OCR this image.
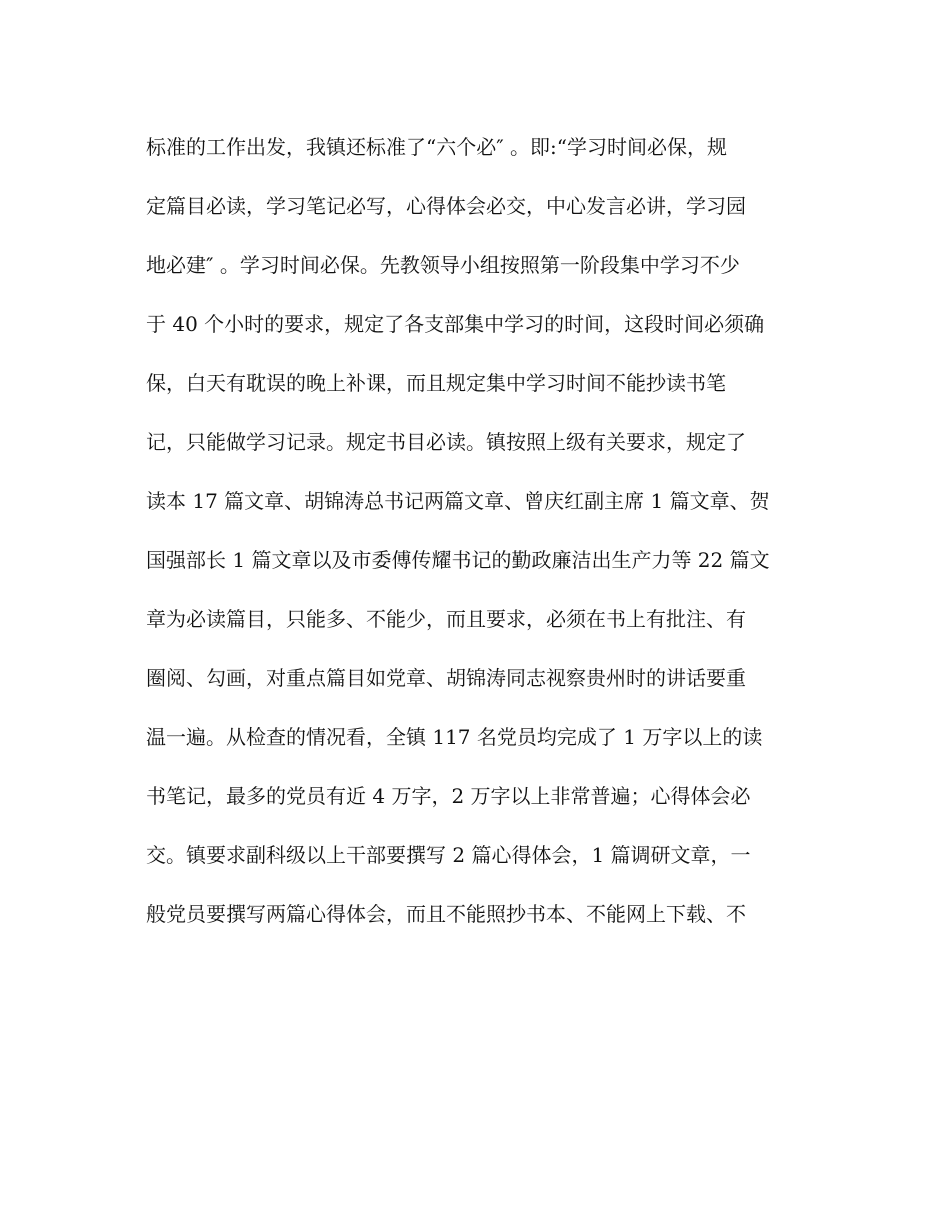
标准的工作出发，我镇还标准了“六个必″ 。即:“学习时间必保，规
定篇目必读，学习笔记必写，心得体会必交，中心发言必讲，学习园
地必建″ 。学习时间必保。先教领导小组按照第一阶段集中学习不少
于 40 个小时的要求，规定了各支部集中学习的时间，这段时间必须确
保，白天有耽误的晚上补课，而且规定集中学习时间不能抄读书笔
记，只能做学习记录。规定书目必读。镇按照上级有关要求，规定了
读本 17 篇文章、胡锦涛总书记两篇文章、曾庆红副主席 1 篇文章、贺
国强部长 1 篇文章以及市委傅传耀书记的勤政廉洁出生产力等 22 篇文
章为必读篇目，只能多、不能少，而且要求，必须在书上有批注、有
圈阅、勾画，对重点篇目如党章、胡锦涛同志视察贵州时的讲话要重
温一遍。从检查的情况看，全镇 117 名党员均完成了 1 万字以上的读
书笔记，最多的党员有近 4 万字，2 万字以上非常普遍；心得体会必
交。镇要求副科级以上干部要撰写 2 篇心得体会，1 篇调研文章，一
般党员要撰写两篇心得体会，而且不能照抄书本、不能网上下载、不
